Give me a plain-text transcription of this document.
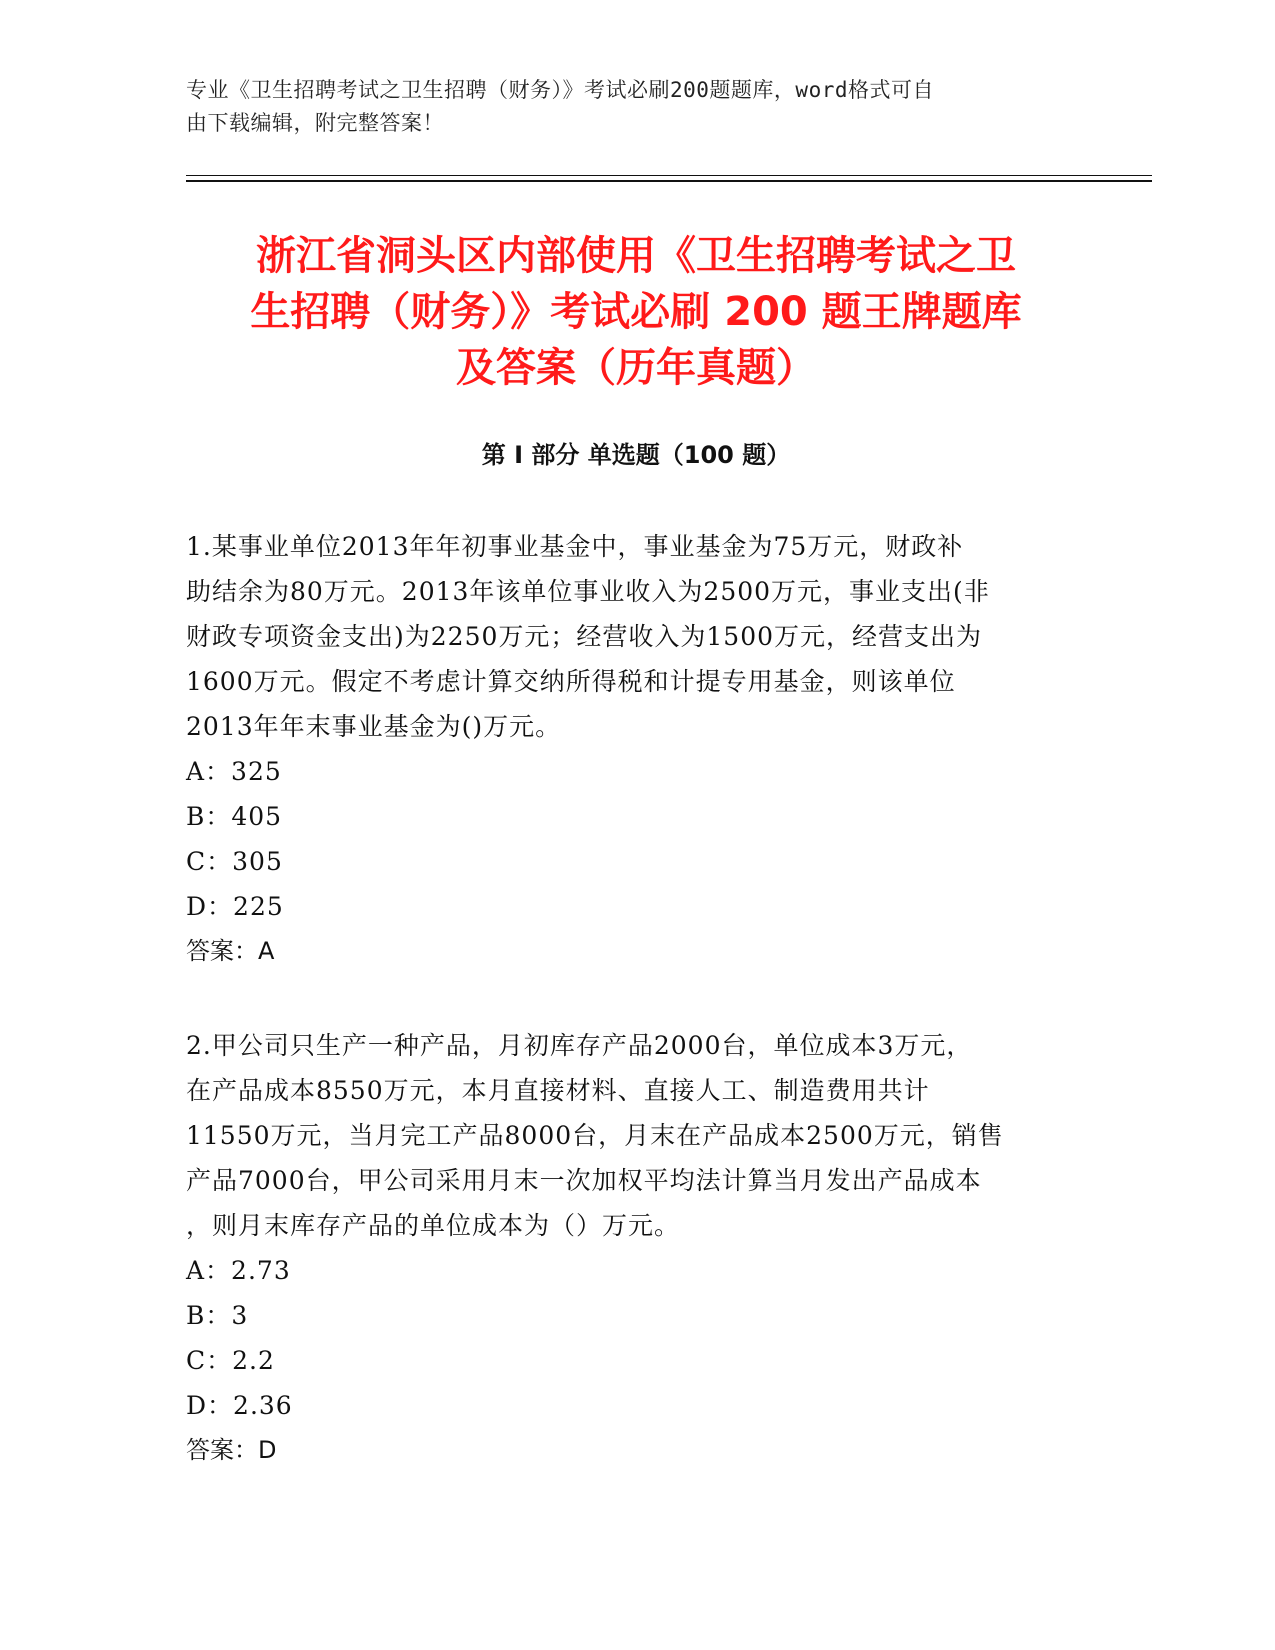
专业《卫生招聘考试之卫生招聘（财务）》考试必刷200题题库，word格式可自
由下载编辑，附完整答案！
浙江省洞头区内部使用《卫生招聘考试之卫
生招聘（财务）》考试必刷 200 题王牌题库
及答案（历年真题）
第 I 部分 单选题（100 题）
1.某事业单位2013年年初事业基金中，事业基金为75万元，财政补
助结余为80万元。2013年该单位事业收入为2500万元，事业支出(非
财政专项资金支出)为2250万元；经营收入为1500万元，经营支出为
1600万元。假定不考虑计算交纳所得税和计提专用基金，则该单位
2013年年末事业基金为()万元。
A：325
B：405
C：305
D：225
答案：A
2.甲公司只生产一种产品，月初库存产品2000台，单位成本3万元，
在产品成本8550万元，本月直接材料、直接人工、制造费用共计
11550万元，当月完工产品8000台，月末在产品成本2500万元，销售
产品7000台，甲公司采用月末一次加权平均法计算当月发出产品成本
，则月末库存产品的单位成本为（）万元。
A：2.73
B：3
C：2.2
D：2.36
答案：D
